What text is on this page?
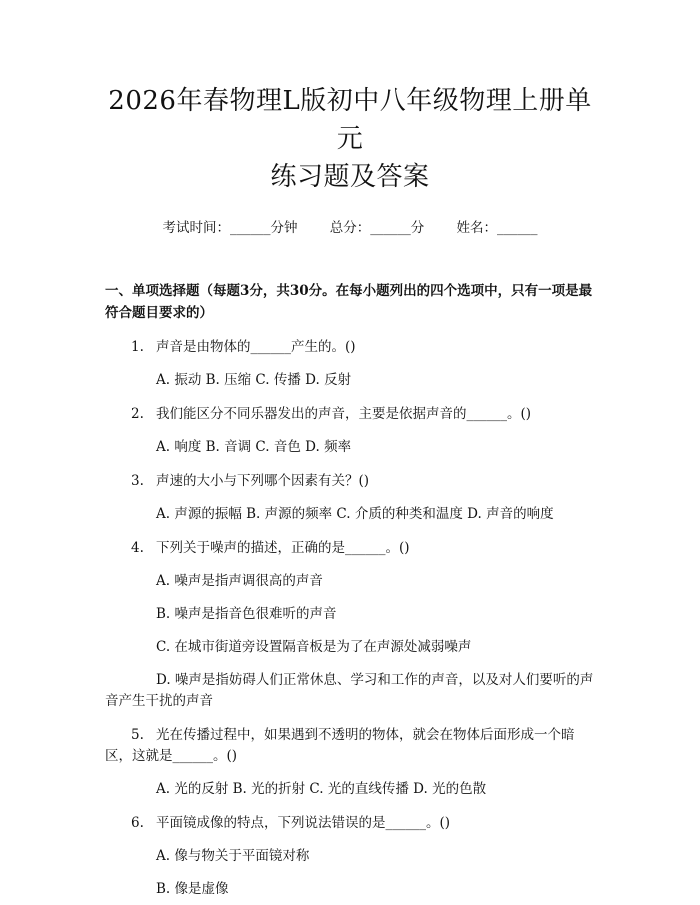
2026年春物理L版初中八年级物理上册单元
练习题及答案
考试时间：______分钟 总分：______分 姓名：______

一、单项选择题（每题3分，共30分。在每小题列出的四个选项中，只有一项是最符合题目要求的）

1. 声音是由物体的______产生的。()
A. 振动 B. 压缩 C. 传播 D. 反射
2. 我们能区分不同乐器发出的声音，主要是依据声音的______。()
A. 响度 B. 音调 C. 音色 D. 频率
3. 声速的大小与下列哪个因素有关？()
A. 声源的振幅 B. 声源的频率 C. 介质的种类和温度 D. 声音的响度
4. 下列关于噪声的描述，正确的是______。()
A. 噪声是指声调很高的声音
B. 噪声是指音色很难听的声音
C. 在城市街道旁设置隔音板是为了在声源处减弱噪声
D. 噪声是指妨碍人们正常休息、学习和工作的声音，以及对人们要听的声音产生干扰的声音
5. 光在传播过程中，如果遇到不透明的物体，就会在物体后面形成一个暗区，这就是______。()
A. 光的反射 B. 光的折射 C. 光的直线传播 D. 光的色散
6. 平面镜成像的特点，下列说法错误的是______。()
A. 像与物关于平面镜对称
B. 像是虚像
